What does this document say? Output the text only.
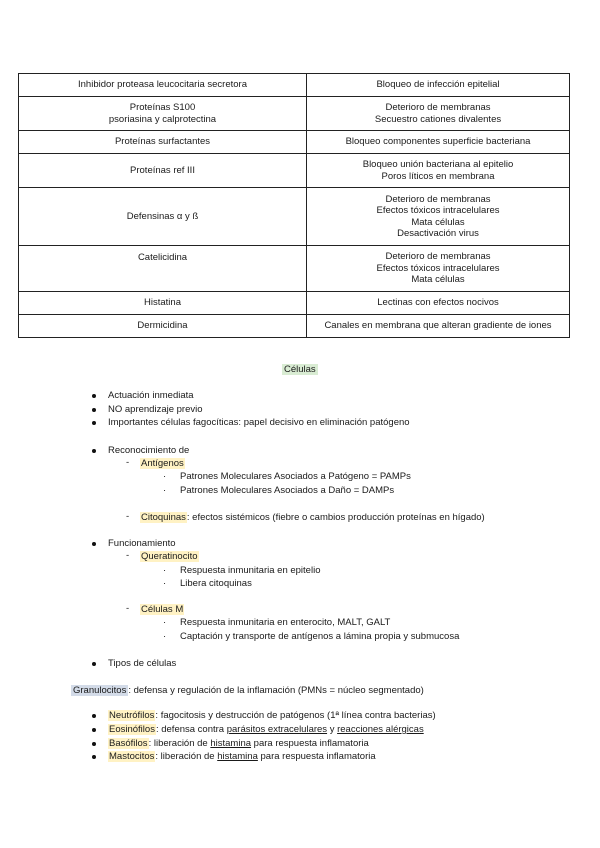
Inhibidor proteasa leucocitaria secretora	Bloqueo de infección epitelial

Proteínas S100
psoriasina y calprotectina	Deterioro de membranas
Secuestro cationes divalentes

Proteínas surfactantes	Bloqueo componentes superficie bacteriana

Proteínas ref III	Bloqueo unión bacteriana al epitelio
Poros líticos en membrana

Defensinas α y ß	Deterioro de membranas
Efectos tóxicos intracelulares
Mata células
Desactivación virus

Catelicidina	Deterioro de membranas
Efectos tóxicos intracelulares
Mata células

Histatina	Lectinas con efectos nocivos

Dermicidina	Canales en membrana que alteran gradiente de iones
Células
Actuación inmediata
NO aprendizaje previo
Importantes células fagocíticas: papel decisivo en eliminación patógeno
Reconocimiento de
- Antígenos
· Patrones Moleculares Asociados a Patógeno = PAMPs
· Patrones Moleculares Asociados a Daño = DAMPs
- Citoquinas: efectos sistémicos (fiebre o cambios producción proteínas en hígado)
Funcionamiento
- Queratinocito
· Respuesta inmunitaria en epitelio
· Libera citoquinas
- Células M
· Respuesta inmunitaria en enterocito, MALT, GALT
· Captación y transporte de antígenos a lámina propia y submucosa
Tipos de células
Granulocitos : defensa y regulación de la inflamación (PMNs = núcleo segmentado)
Neutrófilos: fagocitosis y destrucción de patógenos (1ª línea contra bacterias)
Eosinófilos: defensa contra parásitos extracelulares y reacciones alérgicas
Basófilos: liberación de histamina para respuesta inflamatoria
Mastocitos: liberación de histamina para respuesta inflamatoria
